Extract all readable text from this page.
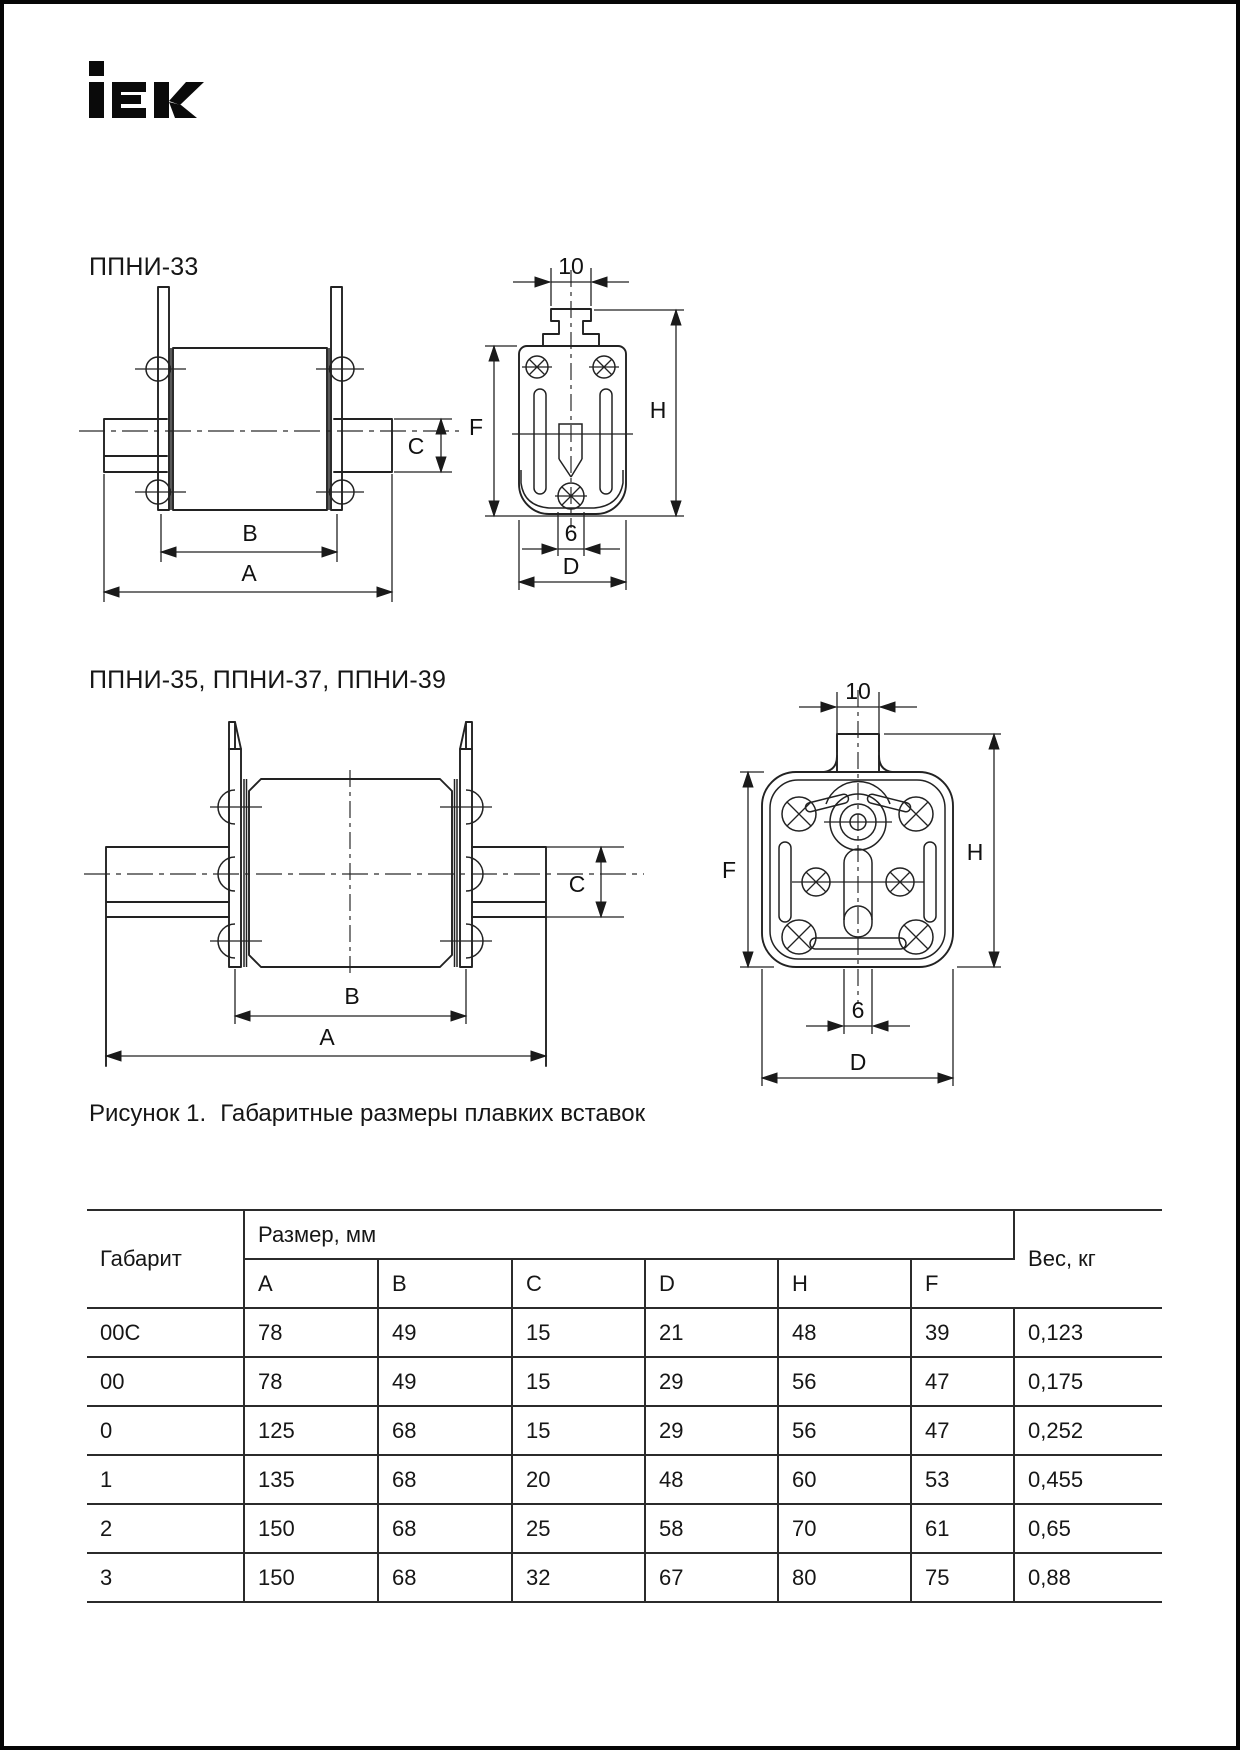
ППНИ-33
C
B
A
10
F
H
6
D
ППНИ-35, ППНИ-37, ППНИ-39
C
B
A
10
F
H
6
D
Рисунок 1. Габаритные размеры плавких вставок
Габарит	Размер, мм						Вес, кг
	A	B	C	D	H	F	
00C	78	49	15	21	48	39	0,123
00	78	49	15	29	56	47	0,175
0	125	68	15	29	56	47	0,252
1	135	68	20	48	60	53	0,455
2	150	68	25	58	70	61	0,65
3	150	68	32	67	80	75	0,88
